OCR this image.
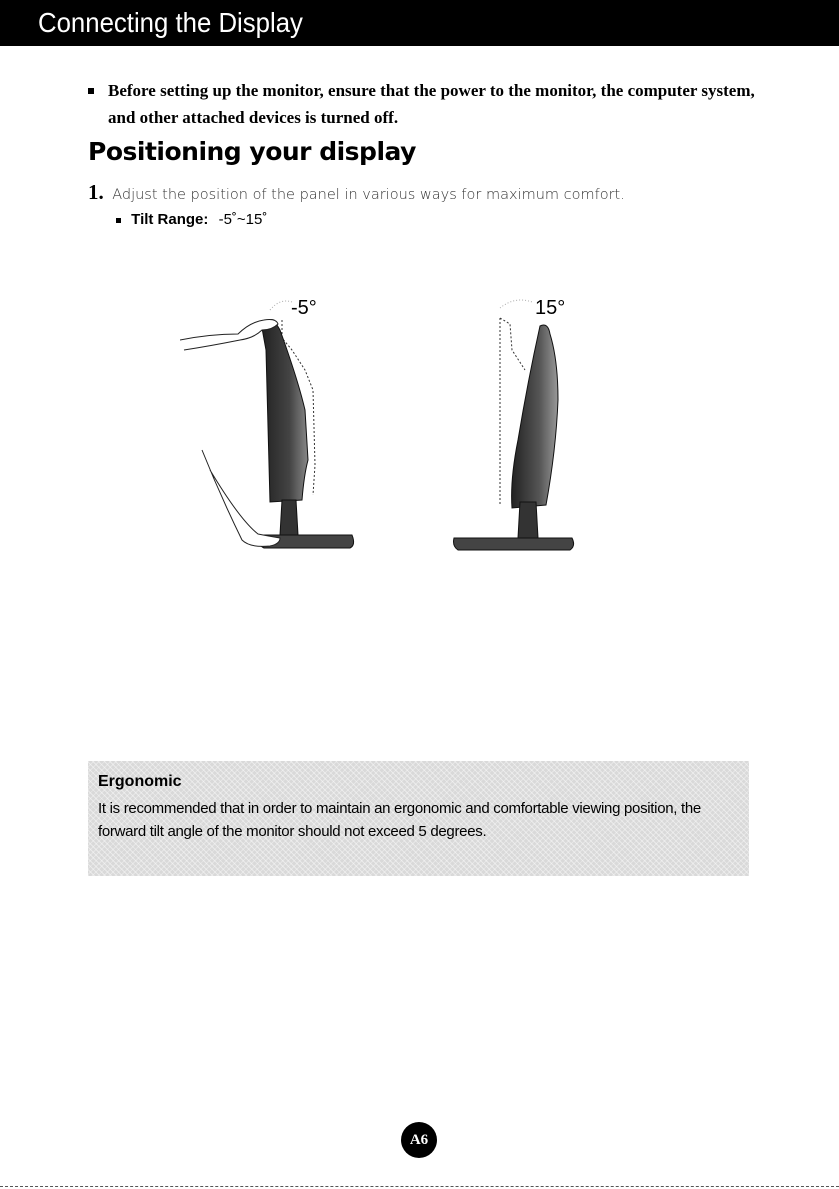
Connecting the Display
Before setting up the monitor, ensure that the power to the monitor, the computer system, and other attached devices is turned off.
Positioning your display
1. Adjust the position of the panel in various ways for maximum comfort.
Tilt Range: -5˚~15˚
-5°	15°
Ergonomic
It is recommended that in order to maintain an ergonomic and comfortable viewing position, the forward tilt angle of the monitor should not exceed 5 degrees.
A6
